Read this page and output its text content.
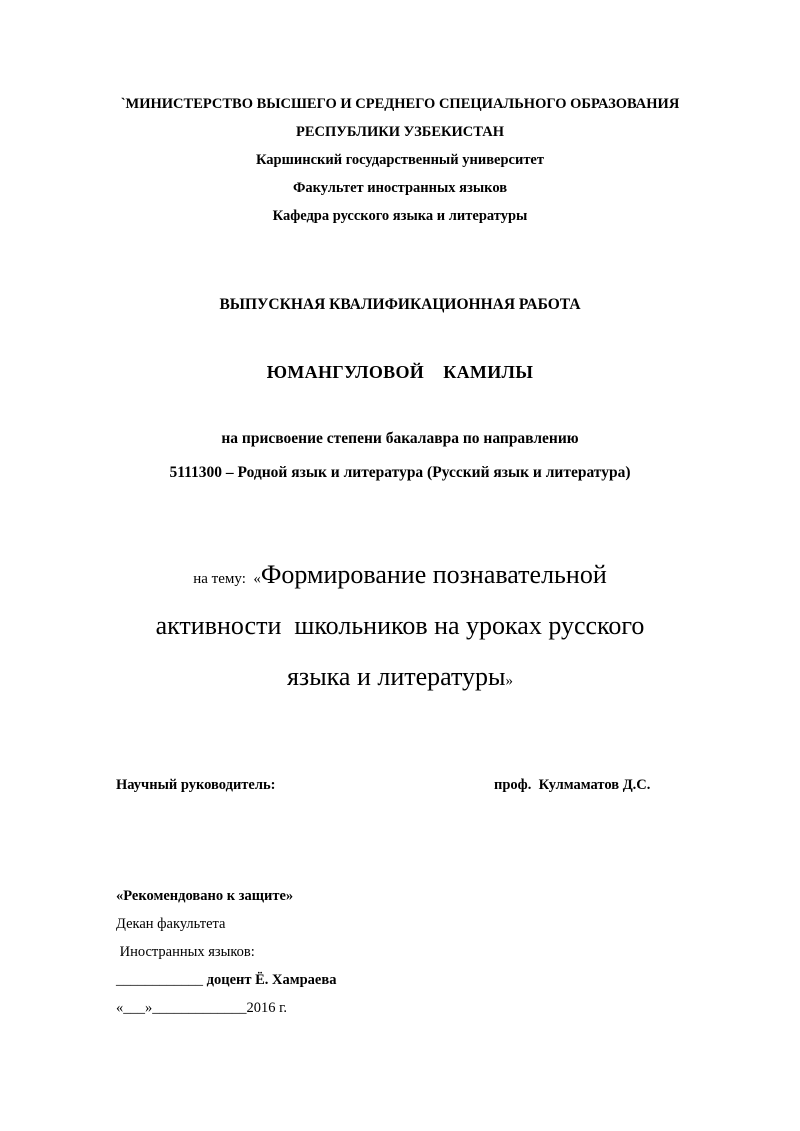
`МИНИСТЕРСТВО ВЫСШЕГО И СРЕДНЕГО СПЕЦИАЛЬНОГО ОБРАЗОВАНИЯ
РЕСПУБЛИКИ УЗБЕКИСТАН
Каршинский государственный университет
Факультет иностранных языков
Кафедра русского языка и литературы
ВЫПУСКНАЯ КВАЛИФИКАЦИОННАЯ РАБОТА
ЮМАНГУЛОВОЙ    КАМИЛЫ
на присвоение степени бакалавра по направлению
5111300 – Родной язык и литература (Русский язык и литература)
на тему:  «Формирование познавательной
активности  школьников на уроках русского
языка и литературы»
Научный руководитель:	проф.  Кулмаматов Д.С.
«Рекомендовано к защите»
Декан факультета
Иностранных языков:
____________ доцент Ё. Хамраева
«___»_____________2016 г.
